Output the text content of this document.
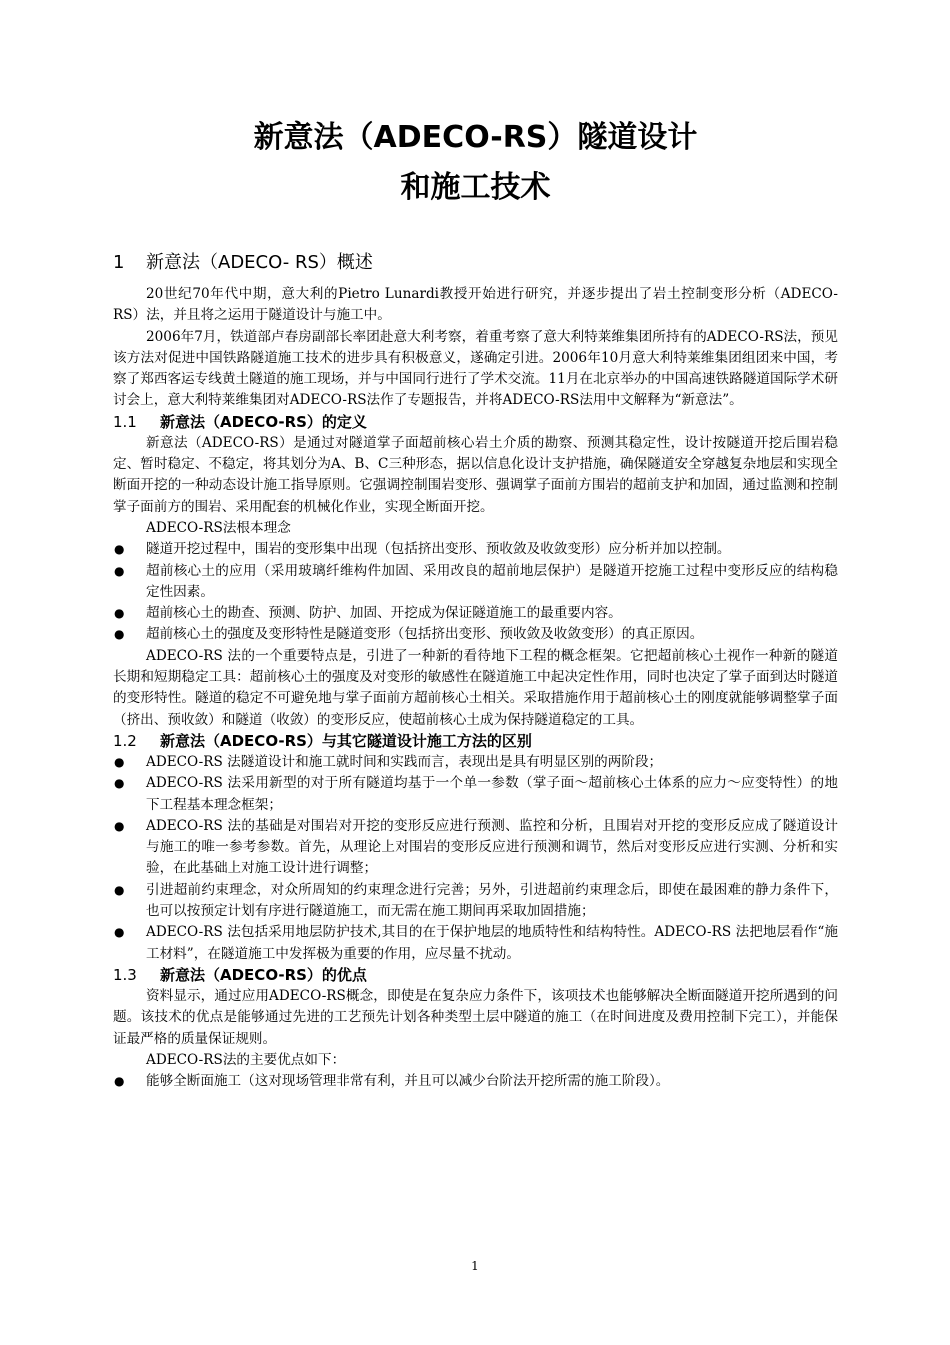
新意法（ADECO-RS）隧道设计
和施工技术
1 新意法（ADECO- RS）概述

20世纪70年代中期，意大利的Pietro Lunardi教授开始进行研究，并逐步提出了岩土控制变形分析（ADECO-RS）法，并且将之运用于隧道设计与施工中。

2006年7月，铁道部卢春房副部长率团赴意大利考察，着重考察了意大利特莱维集团所持有的ADECO-RS法，预见该方法对促进中国铁路隧道施工技术的进步具有积极意义，遂确定引进。2006年10月意大利特莱维集团组团来中国，考察了郑西客运专线黄土隧道的施工现场，并与中国同行进行了学术交流。11月在北京举办的中国高速铁路隧道国际学术研讨会上，意大利特莱维集团对ADECO-RS法作了专题报告，并将ADECO-RS法用中文解释为“新意法”。

1.1 新意法（ADECO-RS）的定义

新意法（ADECO-RS）是通过对隧道掌子面超前核心岩土介质的勘察、预测其稳定性，设计按隧道开挖后围岩稳定、暂时稳定、不稳定，将其划分为A、B、C三种形态，据以信息化设计支护措施，确保隧道安全穿越复杂地层和实现全断面开挖的一种动态设计施工指导原则。它强调控制围岩变形、强调掌子面前方围岩的超前支护和加固，通过监测和控制掌子面前方的围岩、采用配套的机械化作业，实现全断面开挖。

ADECO-RS法根本理念

● 隧道开挖过程中，围岩的变形集中出现（包括挤出变形、预收敛及收敛变形）应分析并加以控制。
● 超前核心土的应用（采用玻璃纤维构件加固、采用改良的超前地层保护）是隧道开挖施工过程中变形反应的结构稳定性因素。
● 超前核心土的勘查、预测、防护、加固、开挖成为保证隧道施工的最重要内容。
● 超前核心土的强度及变形特性是隧道变形（包括挤出变形、预收敛及收敛变形）的真正原因。

ADECO-RS 法的一个重要特点是，引进了一种新的看待地下工程的概念框架。它把超前核心土视作一种新的隧道长期和短期稳定工具：超前核心土的强度及对变形的敏感性在隧道施工中起决定性作用，同时也决定了掌子面到达时隧道的变形特性。隧道的稳定不可避免地与掌子面前方超前核心土相关。采取措施作用于超前核心土的刚度就能够调整掌子面（挤出、预收敛）和隧道（收敛）的变形反应，使超前核心土成为保持隧道稳定的工具。

1.2 新意法（ADECO-RS）与其它隧道设计施工方法的区别
● ADECO-RS 法隧道设计和施工就时间和实践而言，表现出是具有明显区别的两阶段；
● ADECO-RS 法采用新型的对于所有隧道均基于一个单一参数（掌子面～超前核心土体系的应力～应变特性）的地下工程基本理念框架；
● ADECO-RS 法的基础是对围岩对开挖的变形反应进行预测、监控和分析，且围岩对开挖的变形反应成了隧道设计与施工的唯一参考参数。首先，从理论上对围岩的变形反应进行预测和调节，然后对变形反应进行实测、分析和实验，在此基础上对施工设计进行调整；
● 引进超前约束理念，对众所周知的约束理念进行完善；另外，引进超前约束理念后，即使在最困难的静力条件下，也可以按预定计划有序进行隧道施工，而无需在施工期间再采取加固措施；
● ADECO-RS 法包括采用地层防护技术,其目的在于保护地层的地质特性和结构特性。ADECO-RS 法把地层看作“施工材料”，在隧道施工中发挥极为重要的作用，应尽量不扰动。
1.3 新意法（ADECO-RS）的优点

资料显示，通过应用ADECO-RS概念，即使是在复杂应力条件下，该项技术也能够解决全断面隧道开挖所遇到的问题。该技术的优点是能够通过先进的工艺预先计划各种类型土层中隧道的施工（在时间进度及费用控制下完工），并能保证最严格的质量保证规则。

ADECO-RS法的主要优点如下：

● 能够全断面施工（这对现场管理非常有利，并且可以减少台阶法开挖所需的施工阶段）。
1
